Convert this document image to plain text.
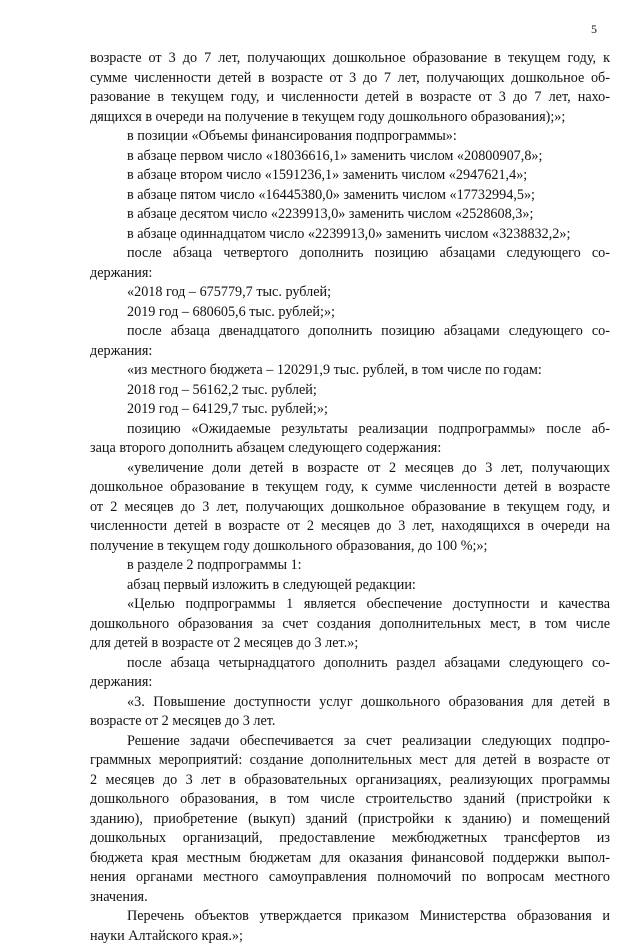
5
возрасте от 3 до 7 лет, получающих дошкольное образование в текущем году, к
сумме численности детей в возрасте от 3 до 7 лет, получающих дошкольное об-
разование в текущем году, и численности детей в возрасте от 3 до 7 лет, нахо-
дящихся в очереди на получение в текущем году дошкольного образования);»;
в позиции «Объемы финансирования подпрограммы»:
в абзаце первом число «18036616,1» заменить числом «20800907,8»;
в абзаце втором число «1591236,1» заменить числом «2947621,4»;
в абзаце пятом число «16445380,0» заменить числом «17732994,5»;
в абзаце десятом число «2239913,0» заменить числом «2528608,3»;
в абзаце одиннадцатом число «2239913,0» заменить числом «3238832,2»;
после абзаца четвертого дополнить позицию абзацами следующего со-
держания:
«2018 год – 675779,7 тыс. рублей;
2019 год – 680605,6 тыс. рублей;»;
после абзаца двенадцатого дополнить позицию абзацами следующего со-
держания:
«из местного бюджета – 120291,9 тыс. рублей, в том числе по годам:
2018 год – 56162,2 тыс. рублей;
2019 год – 64129,7 тыс. рублей;»;
позицию «Ожидаемые результаты реализации подпрограммы» после аб-
заца второго дополнить абзацем следующего содержания:
«увеличение доли детей в возрасте от 2 месяцев до 3 лет, получающих
дошкольное образование в текущем году, к сумме численности детей в возрасте
от 2 месяцев до 3 лет, получающих дошкольное образование в текущем году, и
численности детей в возрасте от 2 месяцев до 3 лет, находящихся в очереди на
получение в текущем году дошкольного образования, до 100 %;»;
в разделе 2 подпрограммы 1:
абзац первый изложить в следующей редакции:
«Целью подпрограммы 1 является обеспечение доступности и качества
дошкольного образования за счет создания дополнительных мест, в том числе
для детей в возрасте от 2 месяцев до 3 лет.»;
после абзаца четырнадцатого дополнить раздел абзацами следующего со-
держания:
«3. Повышение доступности услуг дошкольного образования для детей в
возрасте от 2 месяцев до 3 лет.
Решение задачи обеспечивается за счет реализации следующих подпро-
граммных мероприятий: создание дополнительных мест для детей в возрасте от
2 месяцев до 3 лет в образовательных организациях, реализующих программы
дошкольного образования, в том числе строительство зданий (пристройки к
зданию), приобретение (выкуп) зданий (пристройки к зданию) и помещений
дошкольных организаций, предоставление межбюджетных трансфертов из
бюджета края местным бюджетам для оказания финансовой поддержки выпол-
нения органами местного самоуправления полномочий по вопросам местного
значения.
Перечень объектов утверждается приказом Министерства образования и
науки Алтайского края.»;
